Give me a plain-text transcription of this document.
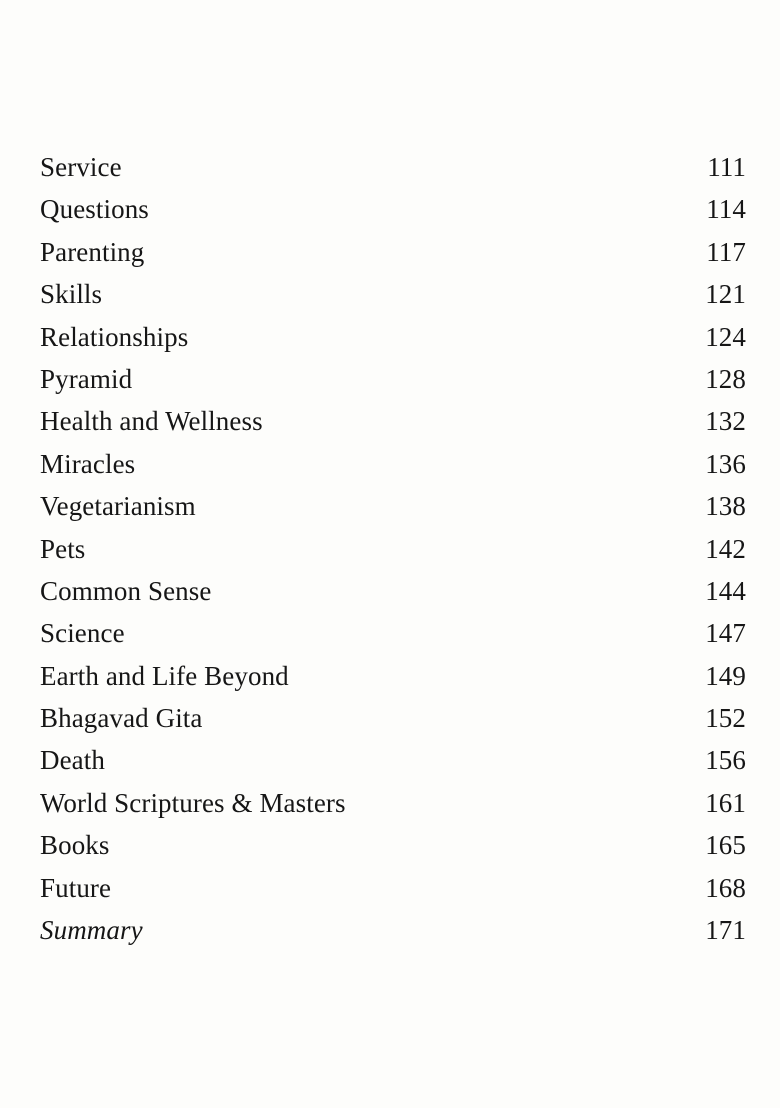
Service	111
Questions	114
Parenting	117
Skills	121
Relationships	124
Pyramid	128
Health and Wellness	132
Miracles	136
Vegetarianism	138
Pets	142
Common Sense	144
Science	147
Earth and Life Beyond	149
Bhagavad Gita	152
Death	156
World Scriptures & Masters	161
Books	165
Future	168
Summary	171
